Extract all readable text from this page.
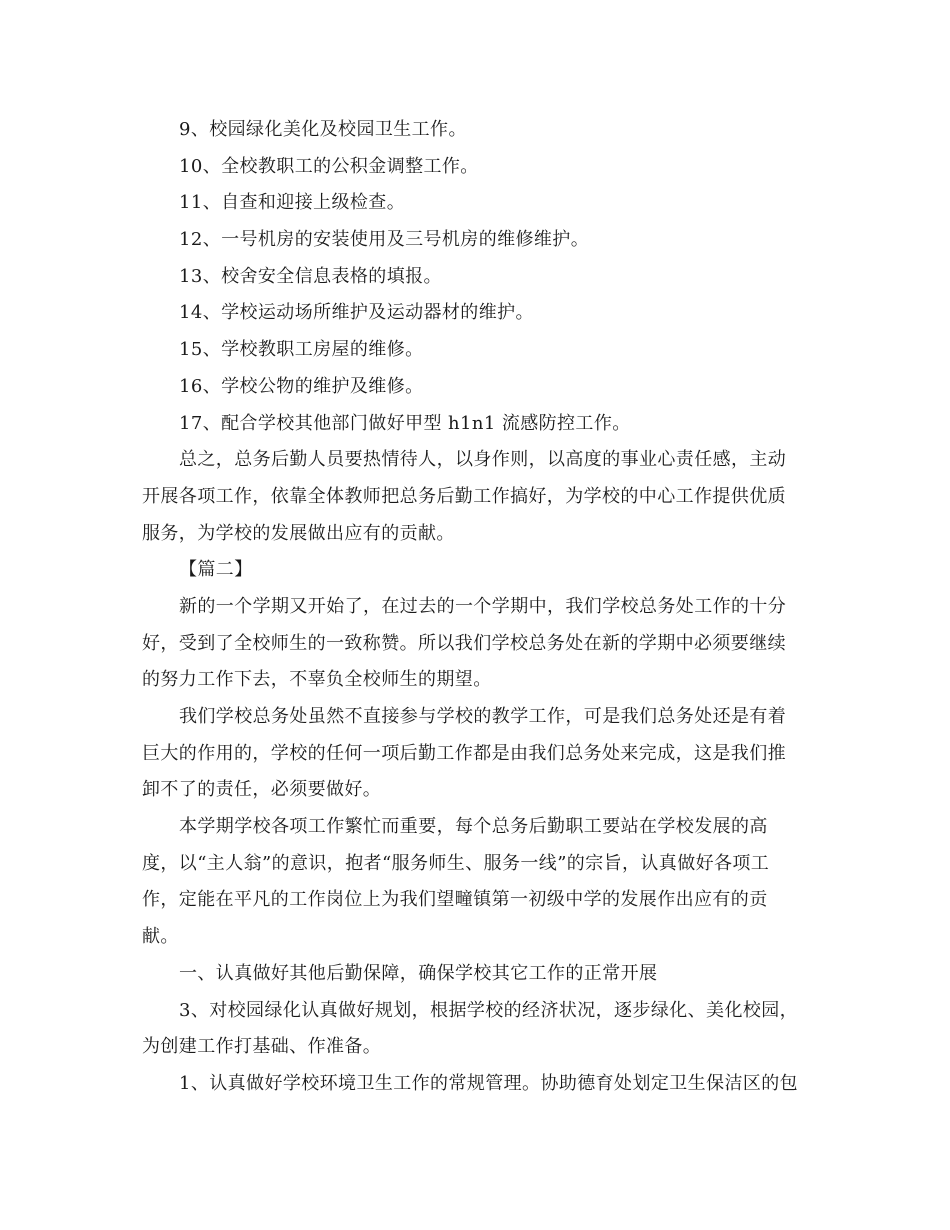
9、校园绿化美化及校园卫生工作。
10、全校教职工的公积金调整工作。
11、自查和迎接上级检查。
12、一号机房的安装使用及三号机房的维修维护。
13、校舍安全信息表格的填报。
14、学校运动场所维护及运动器材的维护。
15、学校教职工房屋的维修。
16、学校公物的维护及维修。
17、配合学校其他部门做好甲型 h1n1 流感防控工作。
总之，总务后勤人员要热情待人，以身作则，以高度的事业心责任感，主动
开展各项工作，依靠全体教师把总务后勤工作搞好，为学校的中心工作提供优质
服务，为学校的发展做出应有的贡献。
【篇二】
新的一个学期又开始了，在过去的一个学期中，我们学校总务处工作的十分
好，受到了全校师生的一致称赞。所以我们学校总务处在新的学期中必须要继续
的努力工作下去，不辜负全校师生的期望。
我们学校总务处虽然不直接参与学校的教学工作，可是我们总务处还是有着
巨大的作用的，学校的任何一项后勤工作都是由我们总务处来完成，这是我们推
卸不了的责任，必须要做好。
本学期学校各项工作繁忙而重要，每个总务后勤职工要站在学校发展的高
度，以“主人翁”的意识，抱者“服务师生、服务一线”的宗旨，认真做好各项工
作，定能在平凡的工作岗位上为我们望疃镇第一初级中学的发展作出应有的贡
献。
一、认真做好其他后勤保障，确保学校其它工作的正常开展
3、对校园绿化认真做好规划，根据学校的经济状况，逐步绿化、美化校园，
为创建工作打基础、作准备。
1、认真做好学校环境卫生工作的常规管理。协助德育处划定卫生保洁区的包
